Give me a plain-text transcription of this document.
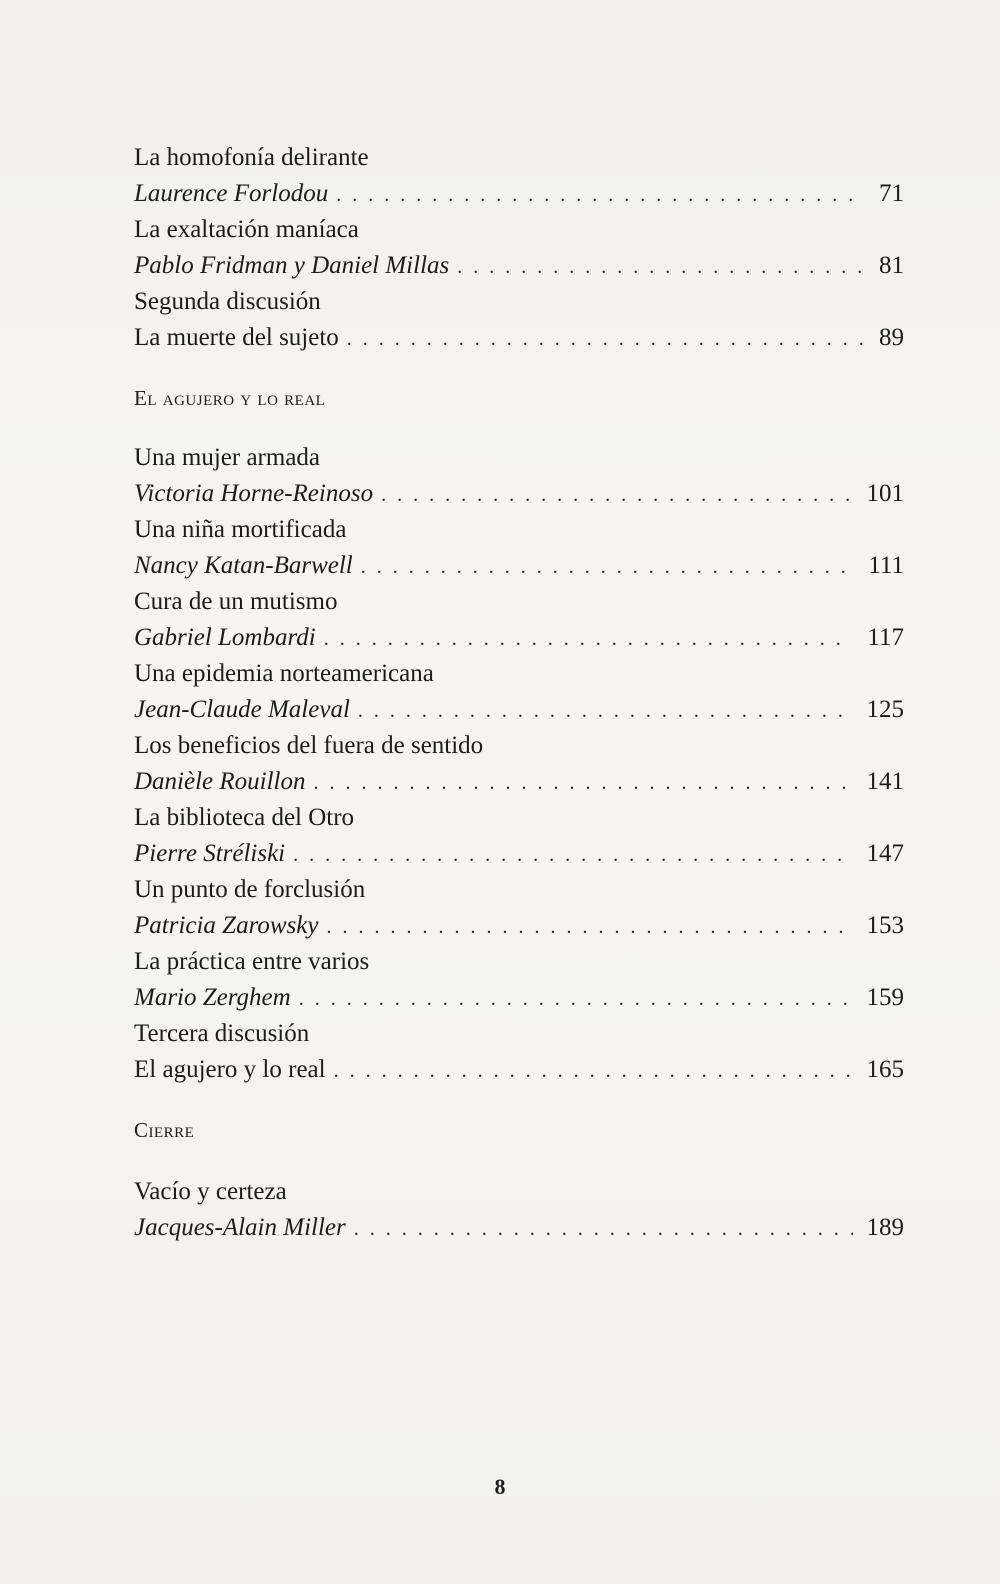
La homofonía delirante
Laurence Forlodou . . .	71
La exaltación maníaca
Pablo Fridman y Daniel Millas . . .	81
Segunda discusión
La muerte del sujeto . . .	89
El agujero y lo real
Una mujer armada
Victoria Horne-Reinoso . . .	101
Una niña mortificada
Nancy Katan-Barwell . . .	111
Cura de un mutismo
Gabriel Lombardi . . .	117
Una epidemia norteamericana
Jean-Claude Maleval . . .	125
Los beneficios del fuera de sentido
Danièle Rouillon . . .	141
La biblioteca del Otro
Pierre Stréliski . . .	147
Un punto de forclusión
Patricia Zarowsky . . .	153
La práctica entre varios
Mario Zerghem . . .	159
Tercera discusión
El agujero y lo real . . .	165
Cierre
Vacío y certeza
Jacques-Alain Miller . . .	189
8
